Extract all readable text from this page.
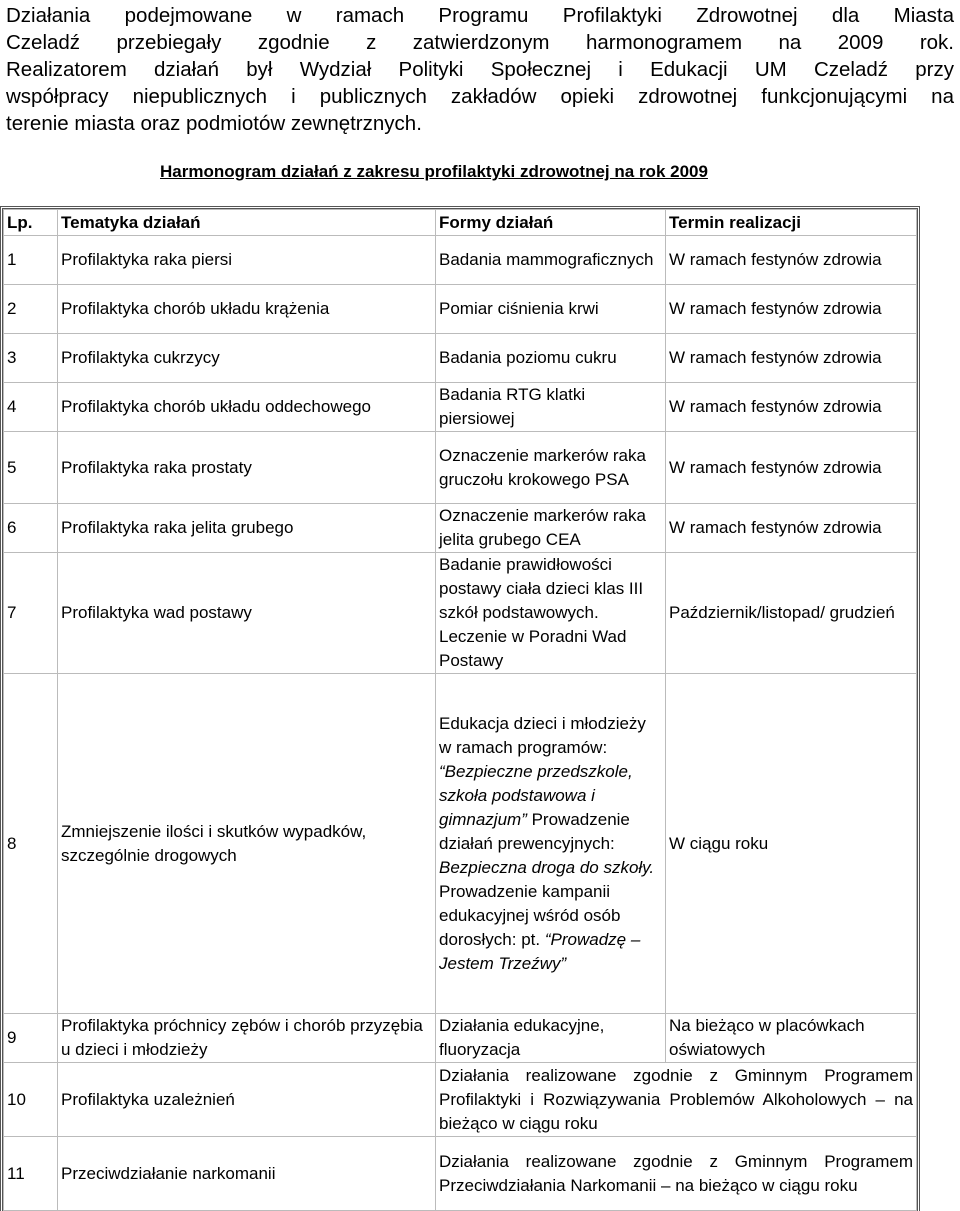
Działania podejmowane w ramach Programu Profilaktyki Zdrowotnej dla Miasta
Czeladź przebiegały zgodnie z zatwierdzonym harmonogramem na 2009 rok.
Realizatorem działań był Wydział Polityki Społecznej i Edukacji UM Czeladź przy
współpracy niepublicznych i publicznych zakładów opieki zdrowotnej funkcjonującymi na
terenie miasta oraz podmiotów zewnętrznych.
Harmonogram działań z zakresu profilaktyki zdrowotnej na rok 2009
Lp.	Tematyka działań	Formy działań	Termin realizacji
1	Profilaktyka raka piersi	Badania mammograficznych	W ramach festynów zdrowia
2	Profilaktyka chorób układu krążenia	Pomiar ciśnienia krwi	W ramach festynów zdrowia
3	Profilaktyka cukrzycy	Badania poziomu cukru	W ramach festynów zdrowia
4	Profilaktyka chorób układu oddechowego	Badania RTG klatki piersiowej	W ramach festynów zdrowia
5	Profilaktyka raka prostaty	Oznaczenie markerów raka gruczołu krokowego PSA	W ramach festynów zdrowia
6	Profilaktyka raka jelita grubego	Oznaczenie markerów raka jelita grubego CEA	W ramach festynów zdrowia
7	Profilaktyka wad postawy	Badanie prawidłowości postawy ciała dzieci klas III szkół podstawowych. Leczenie w Poradni Wad Postawy	Październik/listopad/ grudzień
8	Zmniejszenie ilości i skutków wypadków, szczególnie drogowych	Edukacja dzieci i młodzieży w ramach programów: “Bezpieczne przedszkole, szkoła podstawowa i gimnazjum” Prowadzenie działań prewencyjnych: Bezpieczna droga do szkoły. Prowadzenie kampanii edukacyjnej wśród osób dorosłych: pt. “Prowadzę – Jestem Trzeźwy”	W ciągu roku
9	Profilaktyka próchnicy zębów i chorób przyzębia u dzieci i młodzieży	Działania edukacyjne, fluoryzacja	Na bieżąco w placówkach oświatowych
10	Profilaktyka uzależnień	Działania realizowane zgodnie z Gminnym Programem Profilaktyki i Rozwiązywania Problemów Alkoholowych – na bieżąco w ciągu roku	
11	Przeciwdziałanie narkomanii	Działania realizowane zgodnie z Gminnym Programem Przeciwdziałania Narkomanii – na bieżąco w ciągu roku	
